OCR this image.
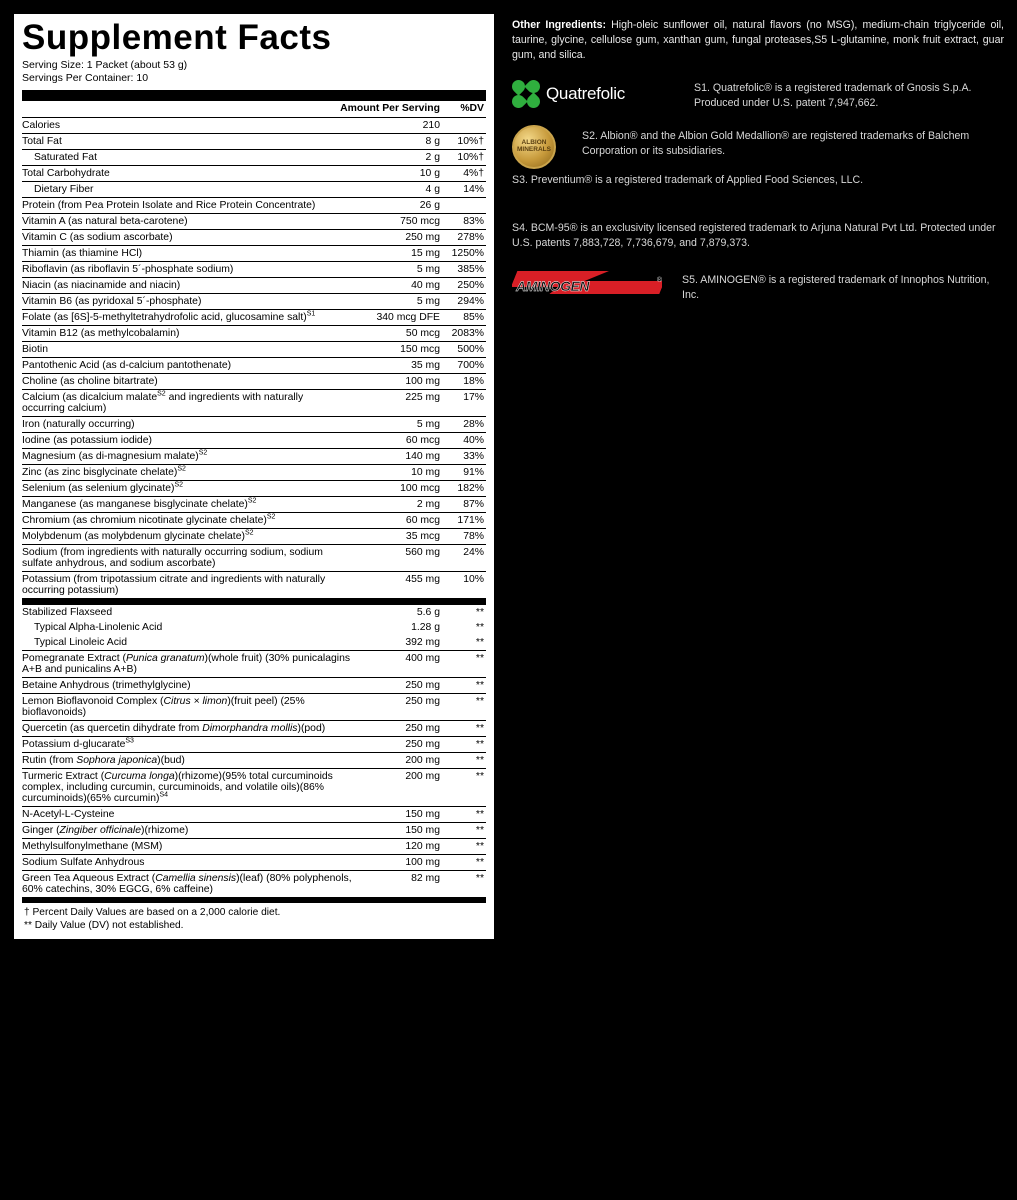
Supplement Facts
Serving Size: 1 Packet (about 53 g)
Servings Per Container: 10
	Amount Per Serving	%DV
Calories	210	
Total Fat	8 g	10%†
Saturated Fat	2 g	10%†
Total Carbohydrate	10 g	4%†
Dietary Fiber	4 g	14%
Protein (from Pea Protein Isolate and Rice Protein Concentrate)	26 g	
Vitamin A (as natural beta-carotene)	750 mcg	83%
Vitamin C (as sodium ascorbate)	250 mg	278%
Thiamin (as thiamine HCl)	15 mg	1250%
Riboflavin (as riboflavin 5´-phosphate sodium)	5 mg	385%
Niacin (as niacinamide and niacin)	40 mg	250%
Vitamin B6 (as pyridoxal 5´-phosphate)	5 mg	294%
Folate (as [6S]-5-methyltetrahydrofolic acid, glucosamine salt)$^{S1}$	340 mcg DFE	85%
Vitamin B12 (as methylcobalamin)	50 mcg	2083%
Biotin	150 mcg	500%
Pantothenic Acid (as d-calcium pantothenate)	35 mg	700%
Choline (as choline bitartrate)	100 mg	18%
Calcium (as dicalcium malate$^{S2}$ and ingredients with naturally occurring calcium)	225 mg	17%
Iron (naturally occurring)	5 mg	28%
Iodine (as potassium iodide)	60 mcg	40%
Magnesium (as di-magnesium malate)$^{S2}$	140 mg	33%
Zinc (as zinc bisglycinate chelate)$^{S2}$	10 mg	91%
Selenium (as selenium glycinate)$^{S2}$	100 mcg	182%
Manganese (as manganese bisglycinate chelate)$^{S2}$	2 mg	87%
Chromium (as chromium nicotinate glycinate chelate)$^{S2}$	60 mcg	171%
Molybdenum (as molybdenum glycinate chelate)$^{S2}$	35 mcg	78%
Sodium (from ingredients with naturally occurring sodium, sodium sulfate anhydrous, and sodium ascorbate)	560 mg	24%
Potassium (from tripotassium citrate and ingredients with naturally occurring potassium)	455 mg	10%
Stabilized Flaxseed	5.6 g	**
Typical Alpha-Linolenic Acid	1.28 g	**
Typical Linoleic Acid	392 mg	**
Pomegranate Extract (Punica granatum)(whole fruit) (30% punicalagins A+B and punicalins A+B)	400 mg	**
Betaine Anhydrous (trimethylglycine)	250 mg	**
Lemon Bioflavonoid Complex (Citrus × limon)(fruit peel) (25% bioflavonoids)	250 mg	**
Quercetin (as quercetin dihydrate from Dimorphandra mollis)(pod)	250 mg	**
Potassium d-glucarate$^{S3}$	250 mg	**
Rutin (from Sophora japonica)(bud)	200 mg	**
Turmeric Extract (Curcuma longa)(rhizome)(95% total curcuminoids complex, including curcumin, curcuminoids, and volatile oils)(86% curcuminoids)(65% curcumin)$^{S4}$	200 mg	**
N-Acetyl-L-Cysteine	150 mg	**
Ginger (Zingiber officinale)(rhizome)	150 mg	**
Methylsulfonylmethane (MSM)	120 mg	**
Sodium Sulfate Anhydrous	100 mg	**
Green Tea Aqueous Extract (Camellia sinensis)(leaf) (80% polyphenols, 60% catechins, 30% EGCG, 6% caffeine)	82 mg	**
† Percent Daily Values are based on a 2,000 calorie diet.
** Daily Value (DV) not established.
Other Ingredients: High-oleic sunflower oil, natural flavors (no MSG), medium-chain triglyceride oil, taurine, glycine, cellulose gum, xanthan gum, fungal proteases,S5 L-glutamine, monk fruit extract, guar gum, and silica.
Quatrefolic	S1. Quatrefolic® is a registered trademark of Gnosis S.p.A. Produced under U.S. patent 7,947,662.
ALBION
MINERALS
S2. Albion® and the Albion Gold Medallion® are registered trademarks of Balchem Corporation or its subsidiaries.
S3. Preventium® is a registered trademark of Applied Food Sciences, LLC.
S4. BCM-95® is an exclusivity licensed registered trademark to Arjuna Natural Pvt Ltd. Protected under U.S. patents 7,883,728, 7,736,679, and 7,879,373.
AMINOGEN	® S5. AMINOGEN® is a registered trademark of Innophos Nutrition, Inc.
